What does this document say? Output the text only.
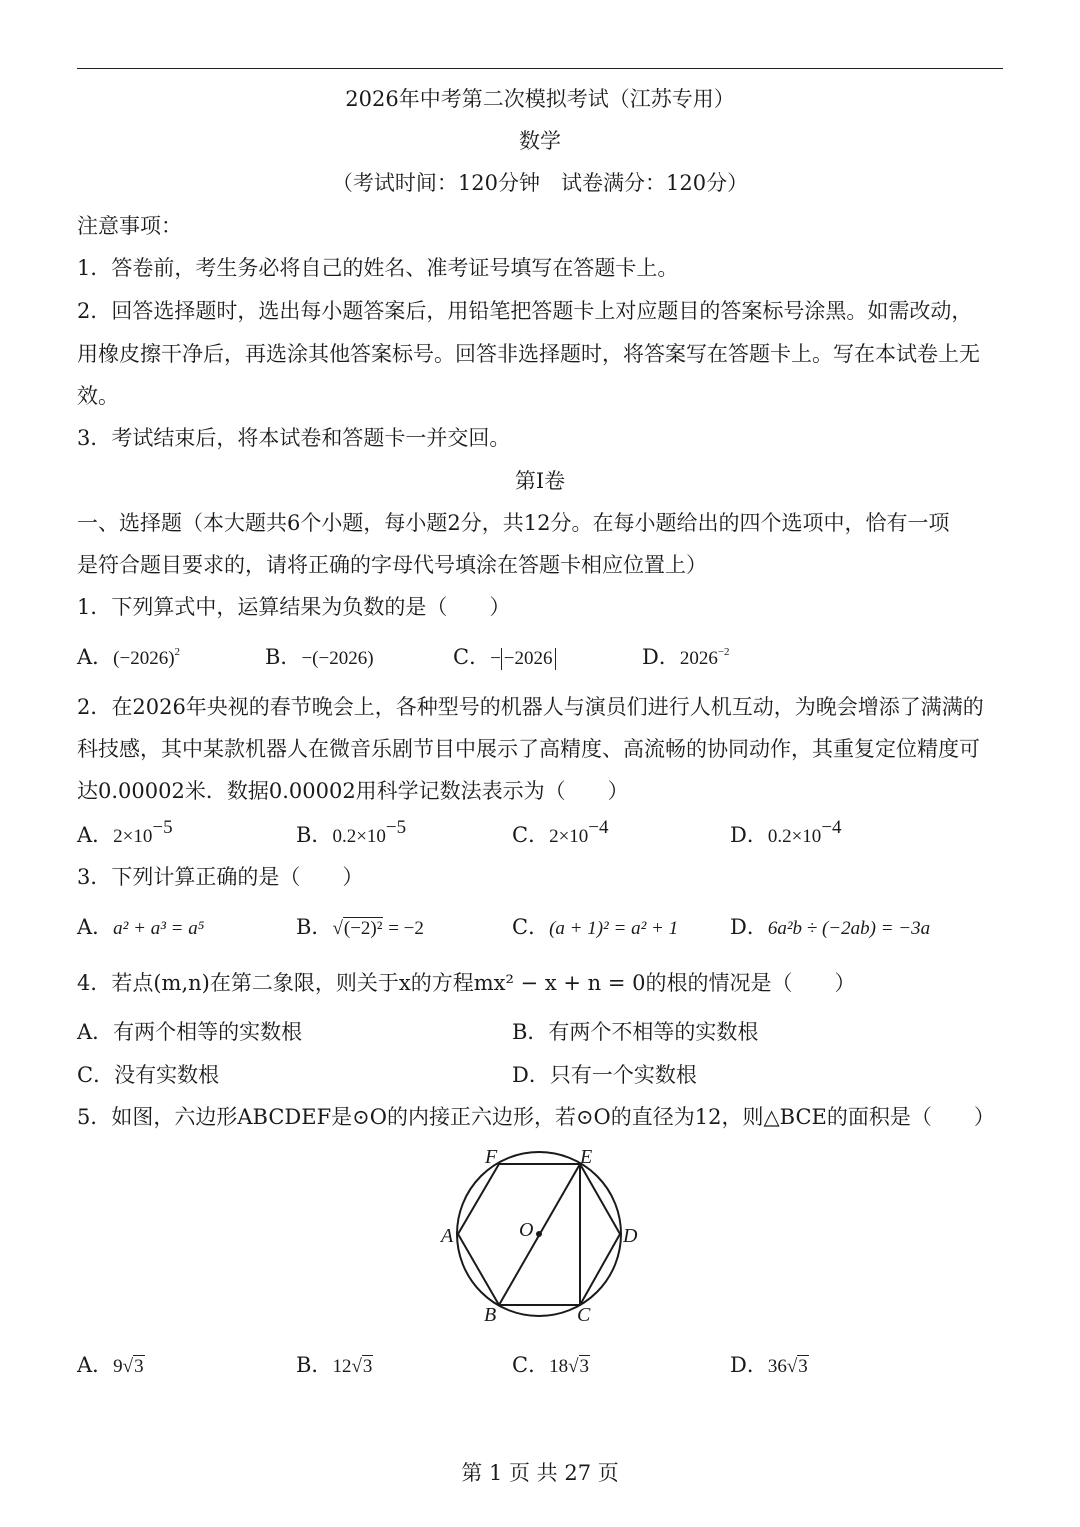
2026年中考第二次模拟考试（江苏专用）
数学
（考试时间：120分钟　试卷满分：120分）
注意事项：
1．答卷前，考生务必将自己的姓名、准考证号填写在答题卡上。
2．回答选择题时，选出每小题答案后，用铅笔把答题卡上对应题目的答案标号涂黑。如需改动，
用橡皮擦干净后，再选涂其他答案标号。回答非选择题时，将答案写在答题卡上。写在本试卷上无
效。
3．考试结束后，将本试卷和答题卡一并交回。
第I卷
一、选择题（本大题共6个小题，每小题2分，共12分。在每小题给出的四个选项中，恰有一项
是符合题目要求的，请将正确的字母代号填涂在答题卡相应位置上）
1．下列算式中，运算结果为负数的是（　　）
A．$(-2026)^2$	B．−(−2026)	C．− −2026	D．$2026^{-2}$
2．在2026年央视的春节晚会上，各种型号的机器人与演员们进行人机互动，为晚会增添了满满的
科技感，其中某款机器人在微音乐剧节目中展示了高精度、高流畅的协同动作，其重复定位精度可
达0.00002米．数据0.00002用科学记数法表示为（　　）
A．$2\times 10^{-5}$	B．$0.2\times 10^{-5}$	C．$2\times 10^{-4}$	D．$0.2\times 10^{-4}$
3．下列计算正确的是（　　）
A．a² + a³ = a⁵	B．√(−2)² = −2	C．(a + 1)² = a² + 1 D．6a²b ÷ (−2ab) = −3a
4．若点(m,n)在第二象限，则关于x的方程mx² − x + n = 0的根的情况是（　　）
A．有两个相等的实数根	B．有两个不相等的实数根
C．没有实数根	D．只有一个实数根
5．如图，六边形ABCDEF是⊙O的内接正六边形，若⊙O的直径为12，则△BCE的面积是（　　）
A
B	C
D
E
F
O
A．9√3	B．12√3	C．18√3	D．36√3
第 1 页 共 27 页
